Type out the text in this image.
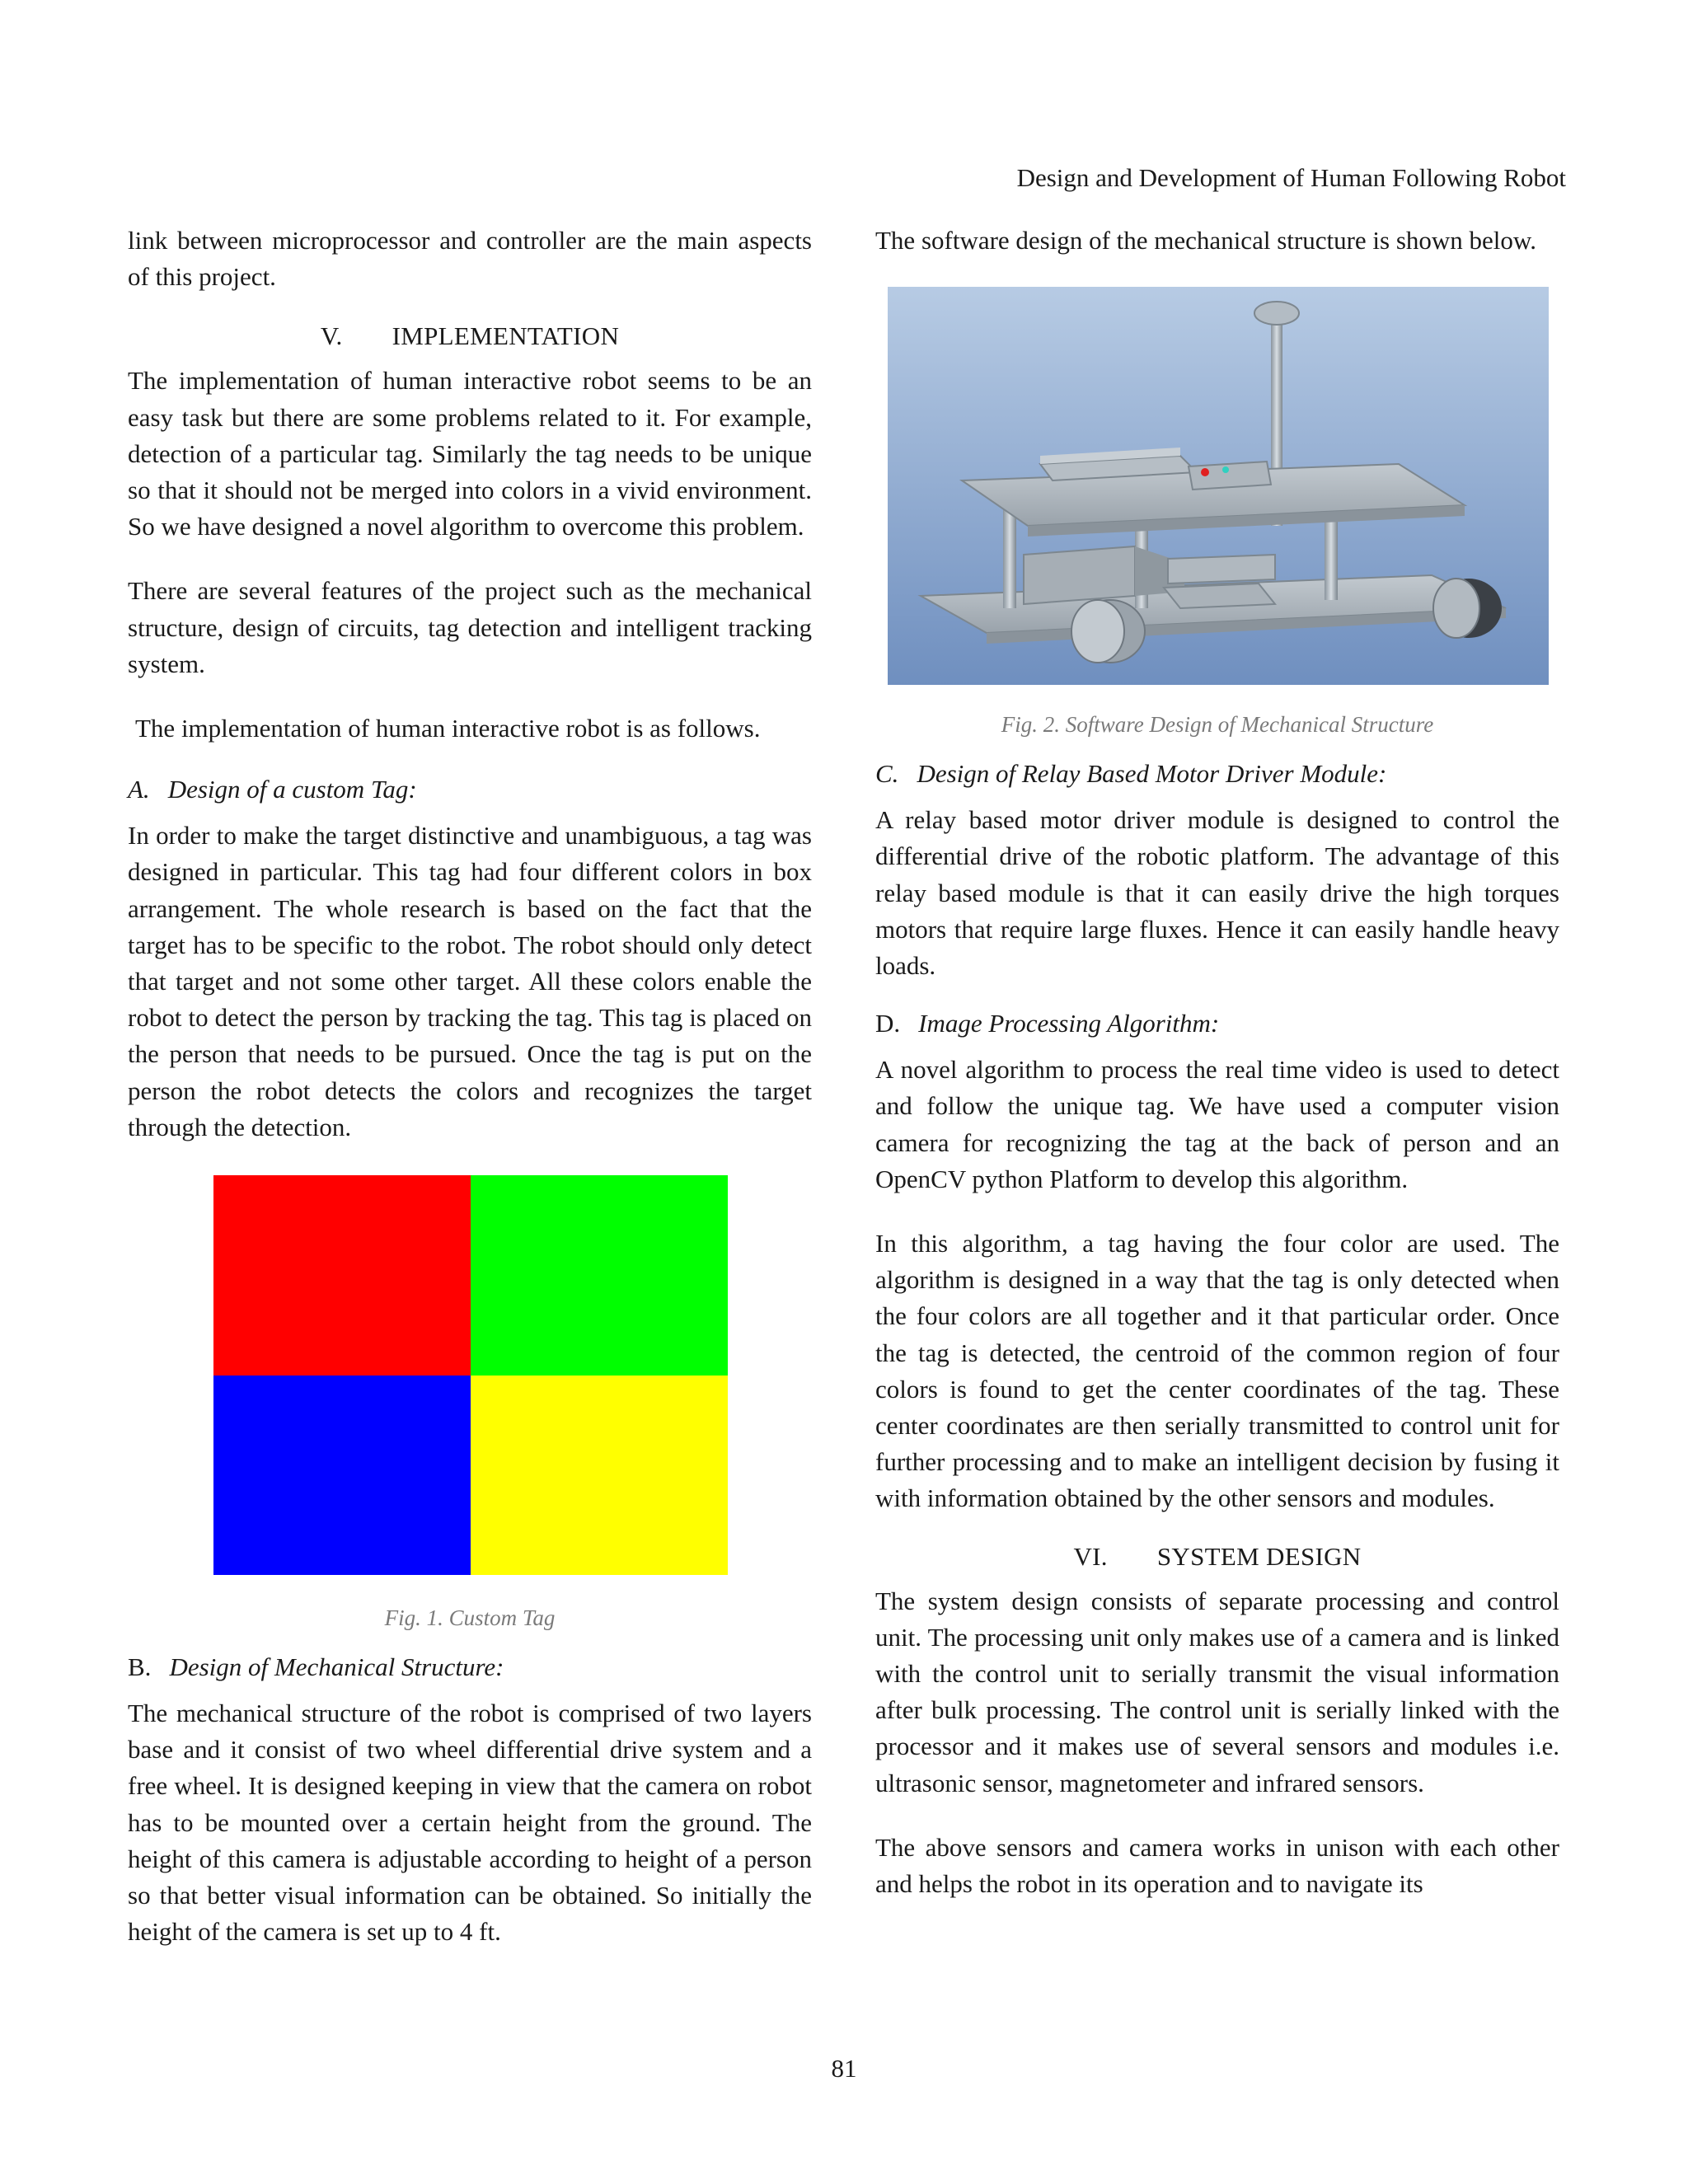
Design and Development of Human Following Robot

link between microprocessor and controller are the main aspects of this project.

V. IMPLEMENTATION

The implementation of human interactive robot seems to be an easy task but there are some problems related to it. For example, detection of a particular tag. Similarly the tag needs to be unique so that it should not be merged into colors in a vivid environment. So we have designed a novel algorithm to overcome this problem.

There are several features of the project such as the mechanical structure, design of circuits, tag detection and intelligent tracking system.

The implementation of human interactive robot is as follows.

A. Design of a custom Tag:

In order to make the target distinctive and unambiguous, a tag was designed in particular. This tag had four different colors in box arrangement. The whole research is based on the fact that the target has to be specific to the robot. The robot should only detect that target and not some other target. All these colors enable the robot to detect the person by tracking the tag. This tag is placed on the person that needs to be pursued. Once the tag is put on the person the robot detects the colors and recognizes the target through the detection.

Fig. 1. Custom Tag

B. Design of Mechanical Structure:

The mechanical structure of the robot is comprised of two layers base and it consist of two wheel differential drive system and a free wheel. It is designed keeping in view that the camera on robot has to be mounted over a certain height from the ground. The height of this camera is adjustable according to height of a person so that better visual information can be obtained. So initially the height of the camera is set up to 4 ft.

The software design of the mechanical structure is shown below.

Fig. 2. Software Design of Mechanical Structure

C. Design of Relay Based Motor Driver Module:

A relay based motor driver module is designed to control the differential drive of the robotic platform. The advantage of this relay based module is that it can easily drive the high torques motors that require large fluxes. Hence it can easily handle heavy loads.

D. Image Processing Algorithm:

A novel algorithm to process the real time video is used to detect and follow the unique tag. We have used a computer vision camera for recognizing the tag at the back of person and an OpenCV python Platform to develop this algorithm.

In this algorithm, a tag having the four color are used. The algorithm is designed in a way that the tag is only detected when the four colors are all together and it that particular order. Once the tag is detected, the centroid of the common region of four colors is found to get the center coordinates of the tag. These center coordinates are then serially transmitted to control unit for further processing and to make an intelligent decision by fusing it with information obtained by the other sensors and modules.

VI. SYSTEM DESIGN

The system design consists of separate processing and control unit. The processing unit only makes use of a camera and is linked with the control unit to serially transmit the visual information after bulk processing. The control unit is serially linked with the processor and it makes use of several sensors and modules i.e. ultrasonic sensor, magnetometer and infrared sensors.

The above sensors and camera works in unison with each other and helps the robot in its operation and to navigate its

81
